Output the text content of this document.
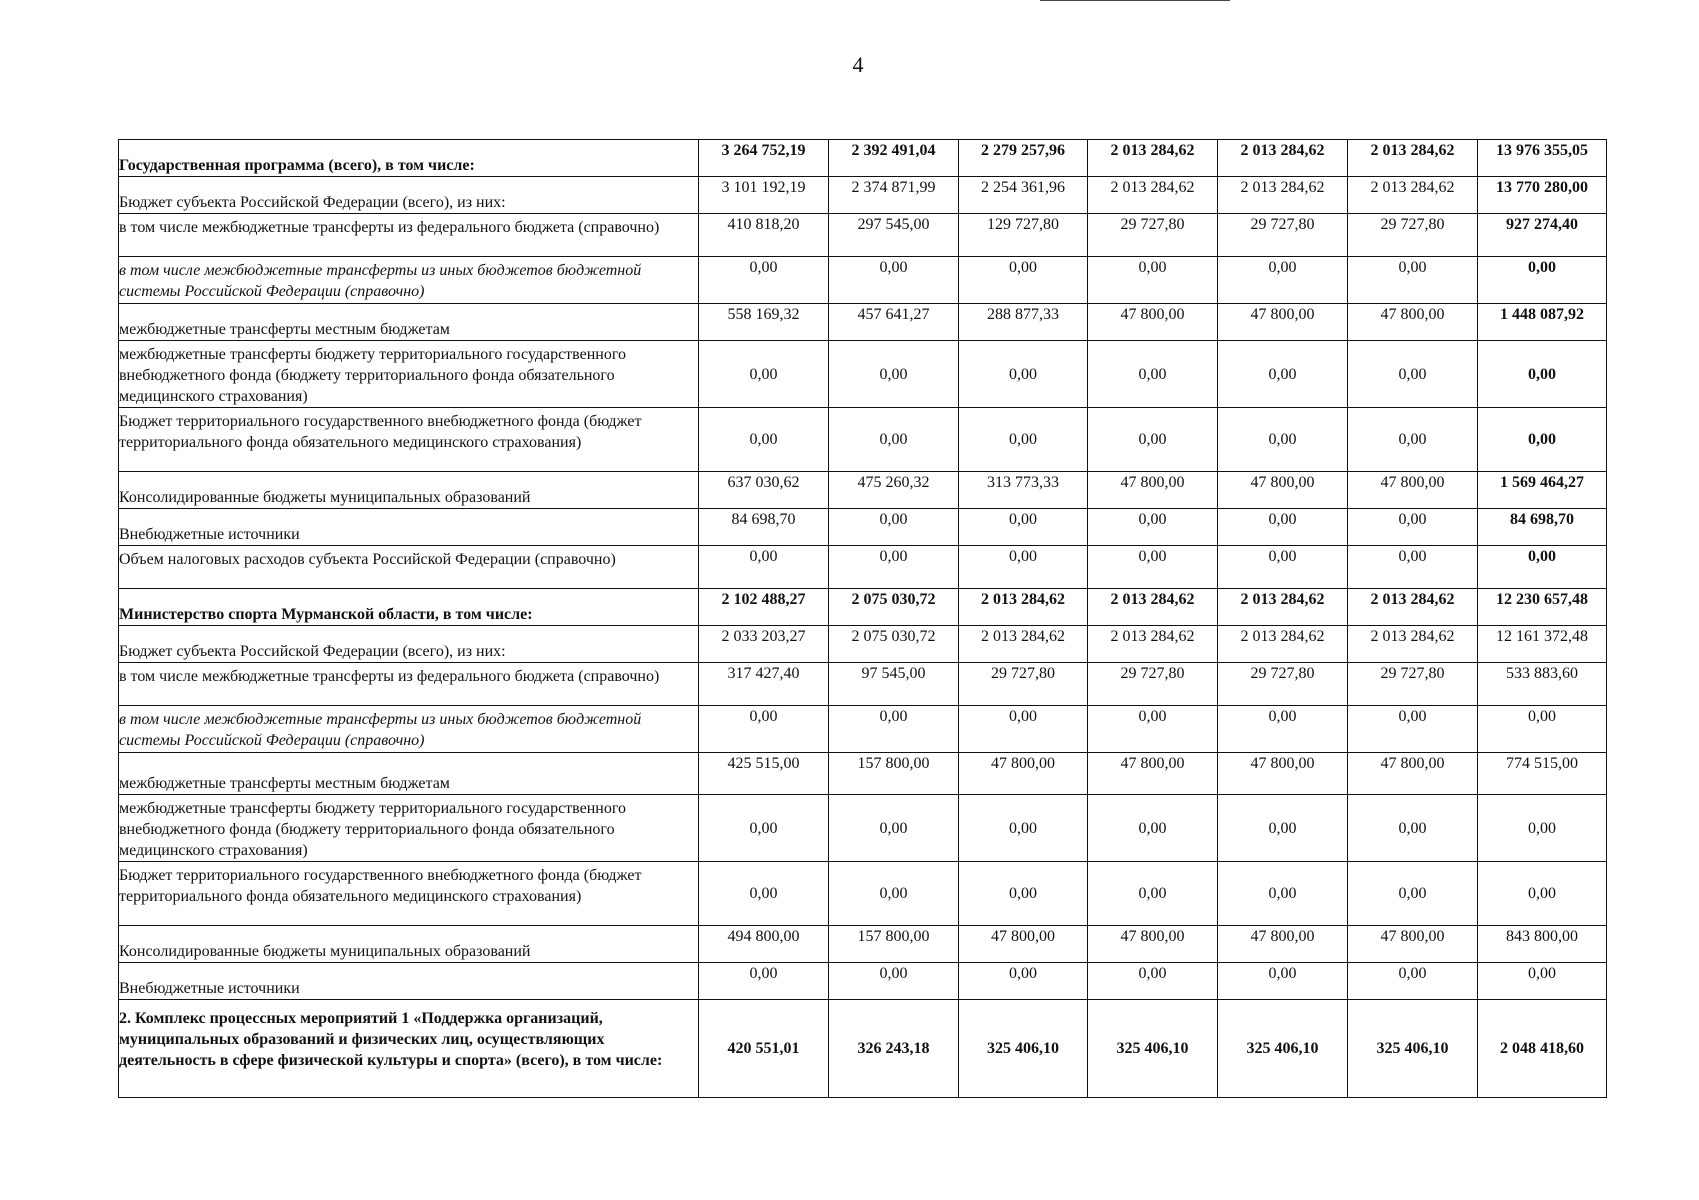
4
Государственная программа (всего), в том числе:	3 264 752,19	2 392 491,04	2 279 257,96	2 013 284,62	2 013 284,62	2 013 284,62	13 976 355,05
Бюджет субъекта Российской Федерации (всего), из них:	3 101 192,19	2 374 871,99	2 254 361,96	2 013 284,62	2 013 284,62	2 013 284,62	13 770 280,00
в том числе межбюджетные трансферты из федерального бюджета (справочно)	410 818,20	297 545,00	129 727,80	29 727,80	29 727,80	29 727,80	927 274,40
в том числе межбюджетные трансферты из иных бюджетов бюджетной системы Российской Федерации (справочно)	0,00	0,00	0,00	0,00	0,00	0,00	0,00
межбюджетные трансферты местным бюджетам	558 169,32	457 641,27	288 877,33	47 800,00	47 800,00	47 800,00	1 448 087,92
межбюджетные трансферты бюджету территориального государственного внебюджетного фонда (бюджету территориального фонда обязательного медицинского страхования)	0,00	0,00	0,00	0,00	0,00	0,00	0,00
Бюджет территориального государственного внебюджетного фонда (бюджет территориального фонда обязательного медицинского страхования)	0,00	0,00	0,00	0,00	0,00	0,00	0,00
Консолидированные бюджеты муниципальных образований	637 030,62	475 260,32	313 773,33	47 800,00	47 800,00	47 800,00	1 569 464,27
Внебюджетные источники	84 698,70	0,00	0,00	0,00	0,00	0,00	84 698,70
Объем налоговых расходов субъекта Российской Федерации (справочно)	0,00	0,00	0,00	0,00	0,00	0,00	0,00
Министерство спорта Мурманской области, в том числе:	2 102 488,27	2 075 030,72	2 013 284,62	2 013 284,62	2 013 284,62	2 013 284,62	12 230 657,48
Бюджет субъекта Российской Федерации (всего), из них:	2 033 203,27	2 075 030,72	2 013 284,62	2 013 284,62	2 013 284,62	2 013 284,62	12 161 372,48
в том числе межбюджетные трансферты из федерального бюджета (справочно)	317 427,40	97 545,00	29 727,80	29 727,80	29 727,80	29 727,80	533 883,60
в том числе межбюджетные трансферты из иных бюджетов бюджетной системы Российской Федерации (справочно)	0,00	0,00	0,00	0,00	0,00	0,00	0,00
межбюджетные трансферты местным бюджетам	425 515,00	157 800,00	47 800,00	47 800,00	47 800,00	47 800,00	774 515,00
межбюджетные трансферты бюджету территориального государственного внебюджетного фонда (бюджету территориального фонда обязательного медицинского страхования)	0,00	0,00	0,00	0,00	0,00	0,00	0,00
Бюджет территориального государственного внебюджетного фонда (бюджет территориального фонда обязательного медицинского страхования)	0,00	0,00	0,00	0,00	0,00	0,00	0,00
Консолидированные бюджеты муниципальных образований	494 800,00	157 800,00	47 800,00	47 800,00	47 800,00	47 800,00	843 800,00
Внебюджетные источники	0,00	0,00	0,00	0,00	0,00	0,00	0,00
2. Комплекс процессных мероприятий 1 «Поддержка организаций, муниципальных образований и физических лиц, осуществляющих деятельность в сфере физической культуры и спорта» (всего), в том числе:	420 551,01	326 243,18	325 406,10	325 406,10	325 406,10	325 406,10	2 048 418,60
